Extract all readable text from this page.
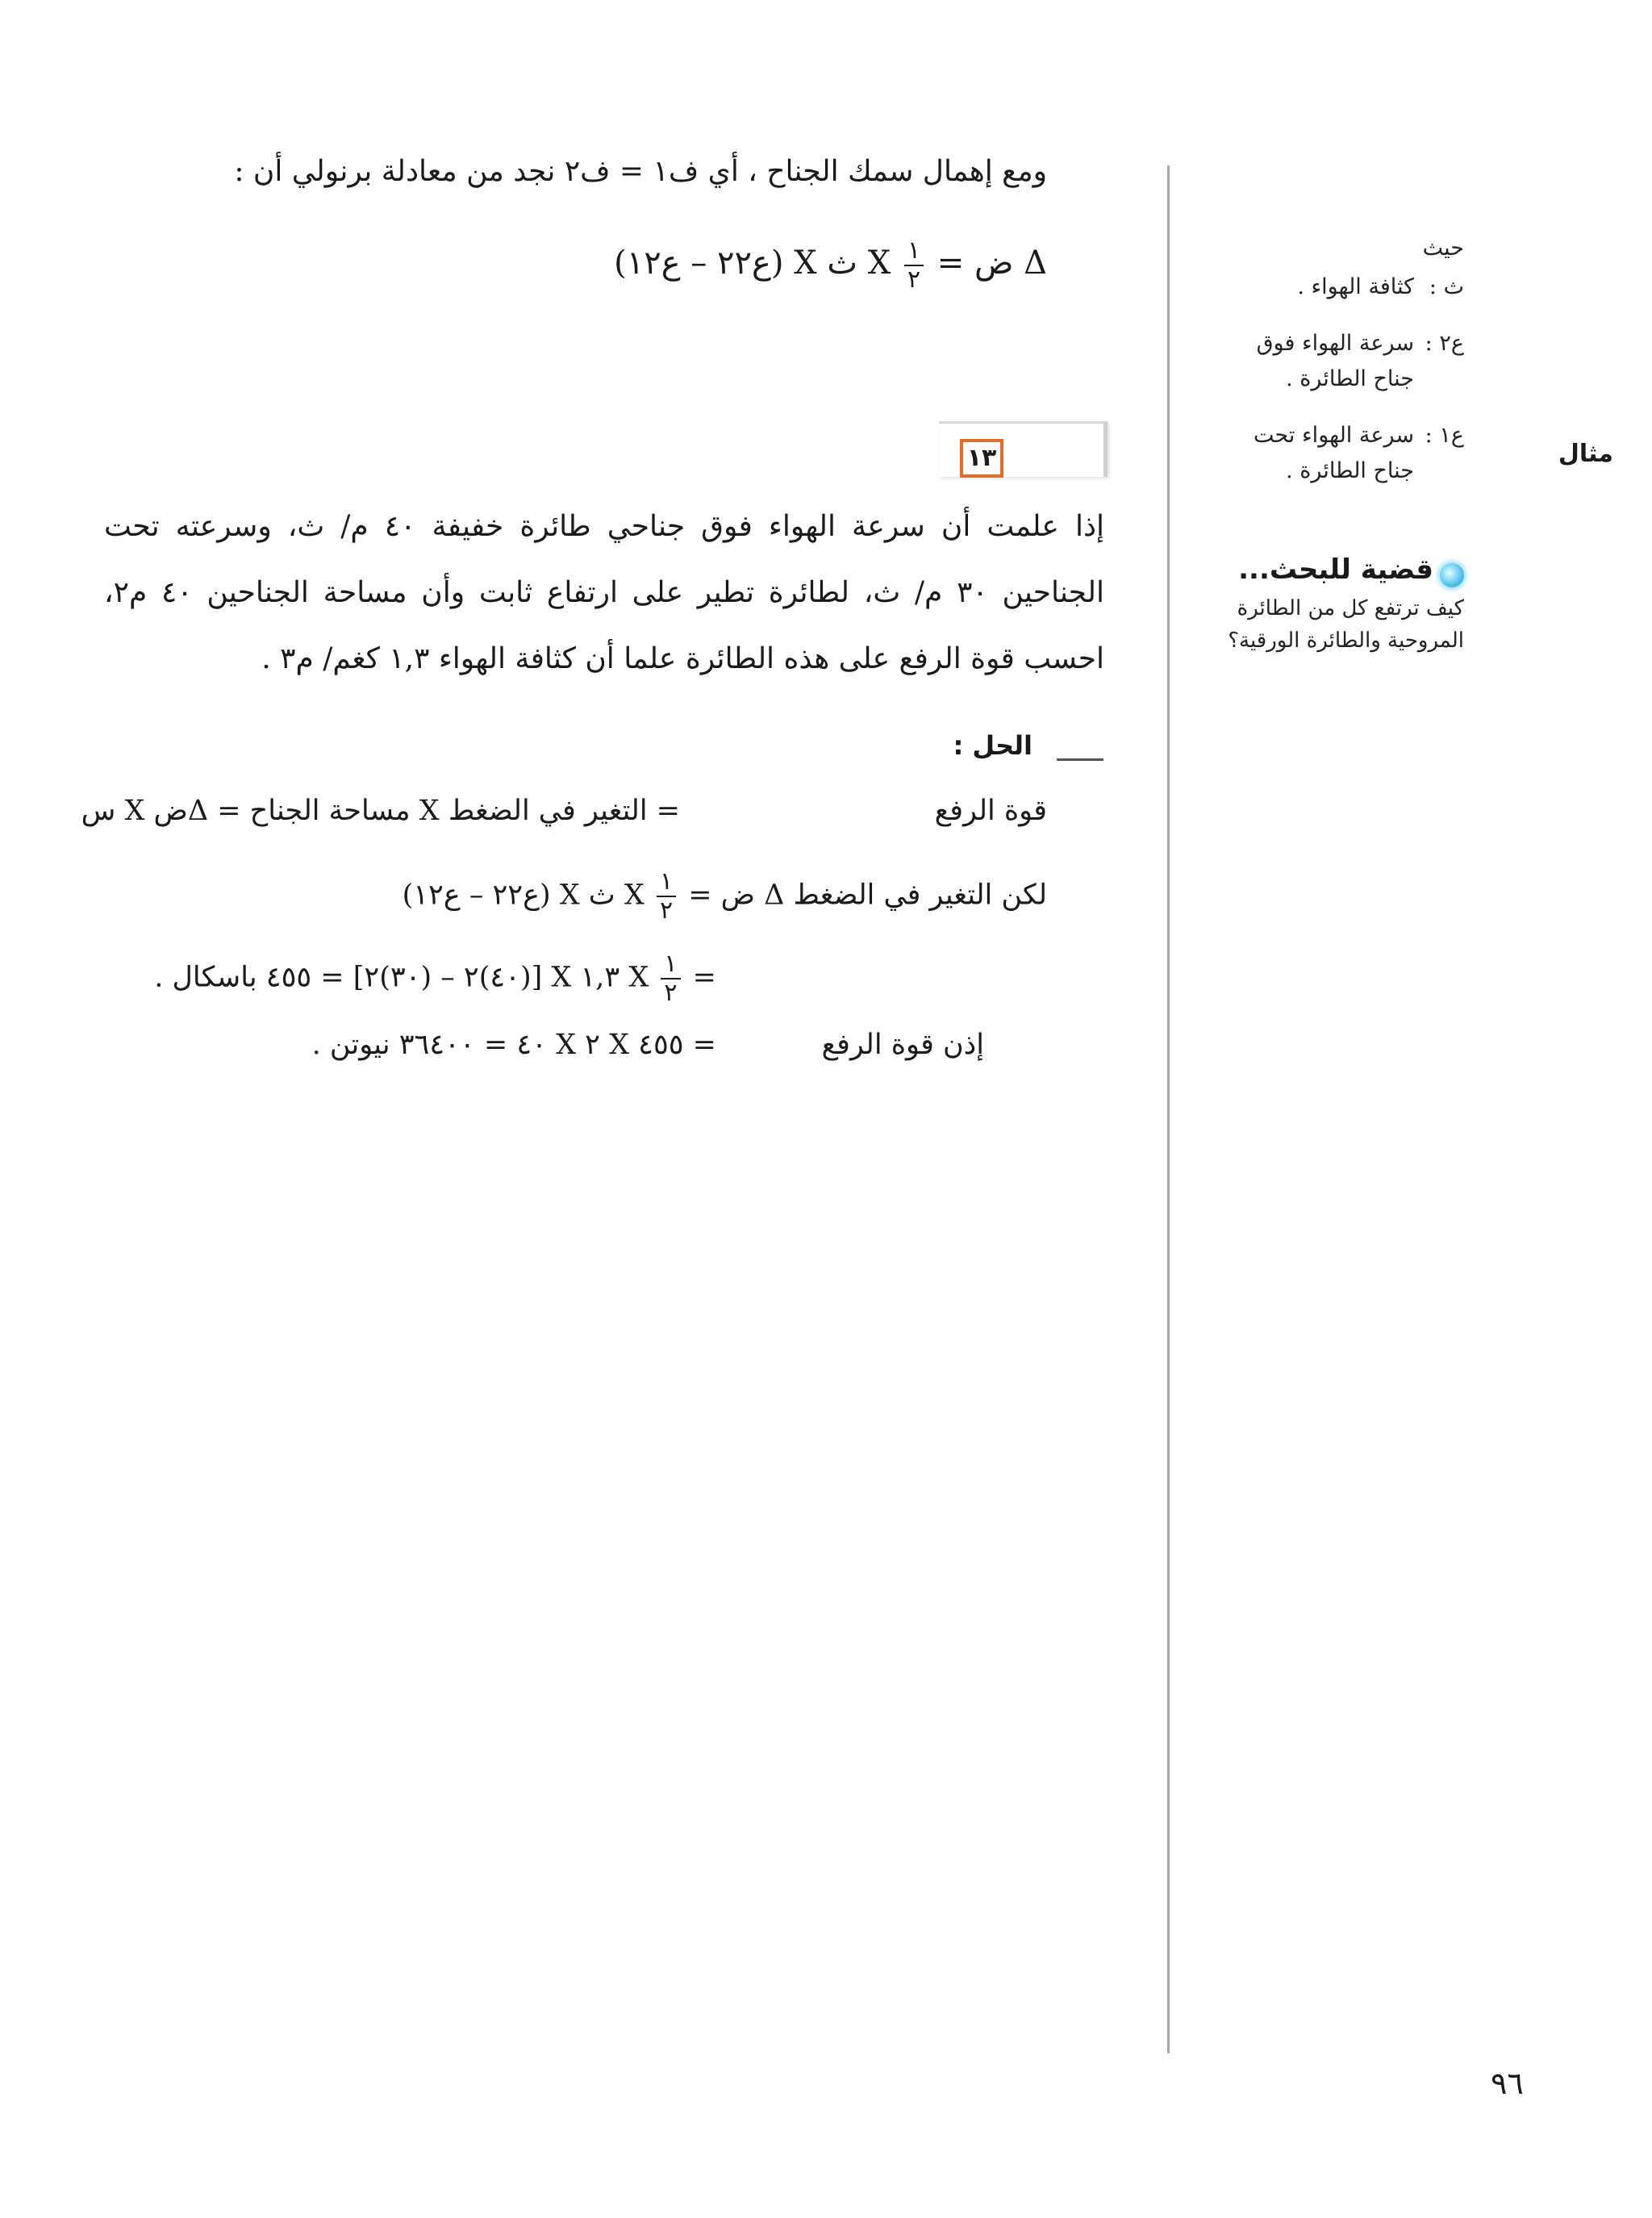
حيث
ث :كثافة الهواء .
ع٢ :سرعة الهواء فوق جناح الطائرة .
ع١ :سرعة الهواء تحت جناح الطائرة .
قضية للبحث...
كيف ترتفع كل من الطائرة المروحية والطائرة الورقية؟
ومع إهمال سمك الجناح ، أي ف١ = ف٢ نجد من معادلة برنولي أن :
Δ ض =
$\frac{١}{٢}$
X ث X (ع٢٢ – ع١٢)
مثال
١٣
إذا علمت أن سرعة الهواء فوق جناحي طائرة خفيفة ٤٠ م/ ث، وسرعته تحت الجناحين ٣٠ م/ ث، لطائرة تطير على ارتفاع ثابت وأن مساحة الجناحين ٤٠ م٢، احسب قوة الرفع على هذه الطائرة علما أن كثافة الهواء ١,٣ كغم/ م٣ .
الحل :
قوة الرفع
= التغير في الضغط X مساحة الجناح = Δض X س
لكن التغير في الضغط Δ ض =
$\frac{١}{٢}$
X ث X (ع٢٢ – ع١٢)
=
$\frac{١}{٢}$
X ١,٣ X [(٤٠)٢ – (٣٠)٢] = ٤٥٥ باسكال .
إذن قوة الرفع
= ٤٥٥ X ٢ X ٤٠ = ٣٦٤٠٠ نيوتن .
٩٦
